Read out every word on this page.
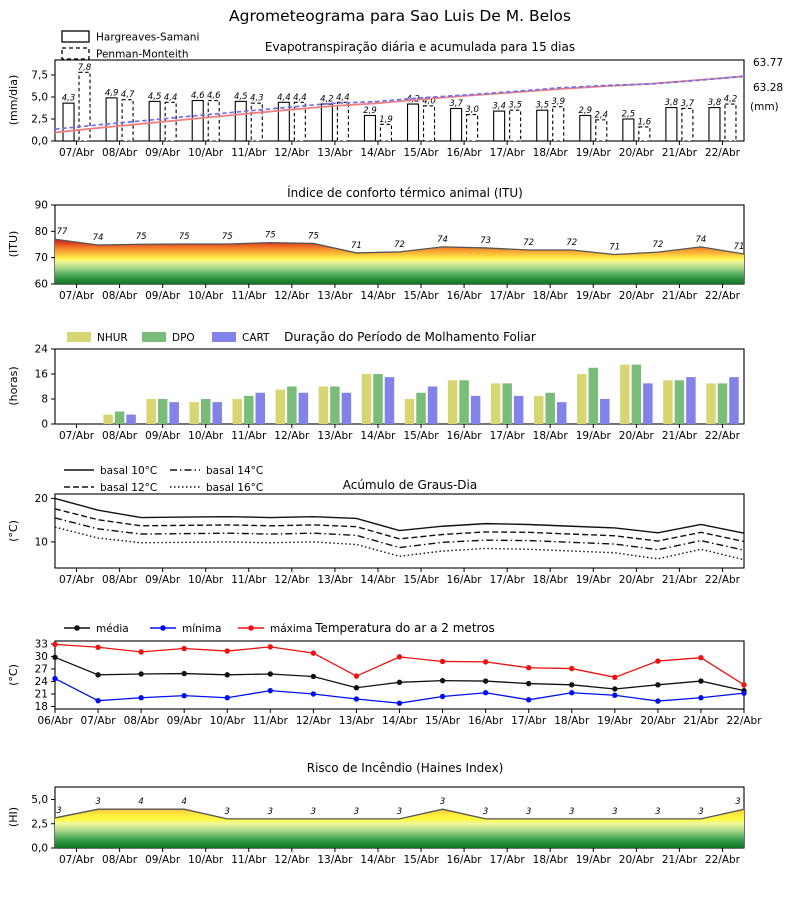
Agrometeograma para Sao Luis De M. Belos
Evapotranspiração diária e acumulada para 15 dias
Hargreaves-Samani
Penman-Monteith
63.77
63.28
(mm)
(mm/dia)
Índice de conforto térmico animal (ITU)
(ITU)
Duração do Período de Molhamento Foliar
NHUR	DPO	CART
(horas)
Acúmulo de Graus-Dia
basal 10°C	basal 14°C
basal 12°C	basal 16°C
(°C)
Temperatura do ar a 2 metros
média	mínima	máxima
(°C)
Risco de Incêndio (Haines Index)
(HI)
0,0
2,5
5,0
7,5
07/Abr 08/Abr 09/Abr 10/Abr 11/Abr 12/Abr 13/Abr 14/Abr 15/Abr 16/Abr 17/Abr 18/Abr 19/Abr 20/Abr 21/Abr 22/Abr
4,3
7,8
4,9 4,7 4,5 4,4 4,6 4,6 4,5 4,3 4,4 4,4 4,2 4,4
2,9
1,9
4,2 4,0 3,7
3,0 3,4 3,5 3,5 3,9
2,9 2,4 2,5
1,6
3,8 3,7 3,8 4,2
60
70
80
90
07/Abr 08/Abr 09/Abr 10/Abr 11/Abr 12/Abr 13/Abr 14/Abr 15/Abr 16/Abr 17/Abr 18/Abr 19/Abr 20/Abr 21/Abr 22/Abr
77
74	75	75	75	75	75
71	72
74	73	72	72	71	72
74
71
0,0
2,5
5,0
07/Abr 08/Abr 09/Abr 10/Abr 11/Abr 12/Abr 13/Abr 14/Abr 15/Abr 16/Abr 17/Abr 18/Abr 19/Abr 20/Abr 21/Abr 22/Abr
3
3	4	4
3	3	3	3	3
3
3	3	3	3	3	3
3
0
8
16
24
07/Abr 08/Abr 09/Abr 10/Abr 11/Abr 12/Abr 13/Abr 14/Abr 15/Abr 16/Abr 17/Abr 18/Abr 19/Abr 20/Abr 21/Abr 22/Abr
10
20
07/Abr 08/Abr 09/Abr 10/Abr 11/Abr 12/Abr 13/Abr 14/Abr 15/Abr 16/Abr 17/Abr 18/Abr 19/Abr 20/Abr 21/Abr 22/Abr
18
21
24
27
30
33
06/Abr 07/Abr 08/Abr 09/Abr 10/Abr 11/Abr 12/Abr 13/Abr 14/Abr 15/Abr 16/Abr 17/Abr 18/Abr 19/Abr 20/Abr 21/Abr 22/Abr
